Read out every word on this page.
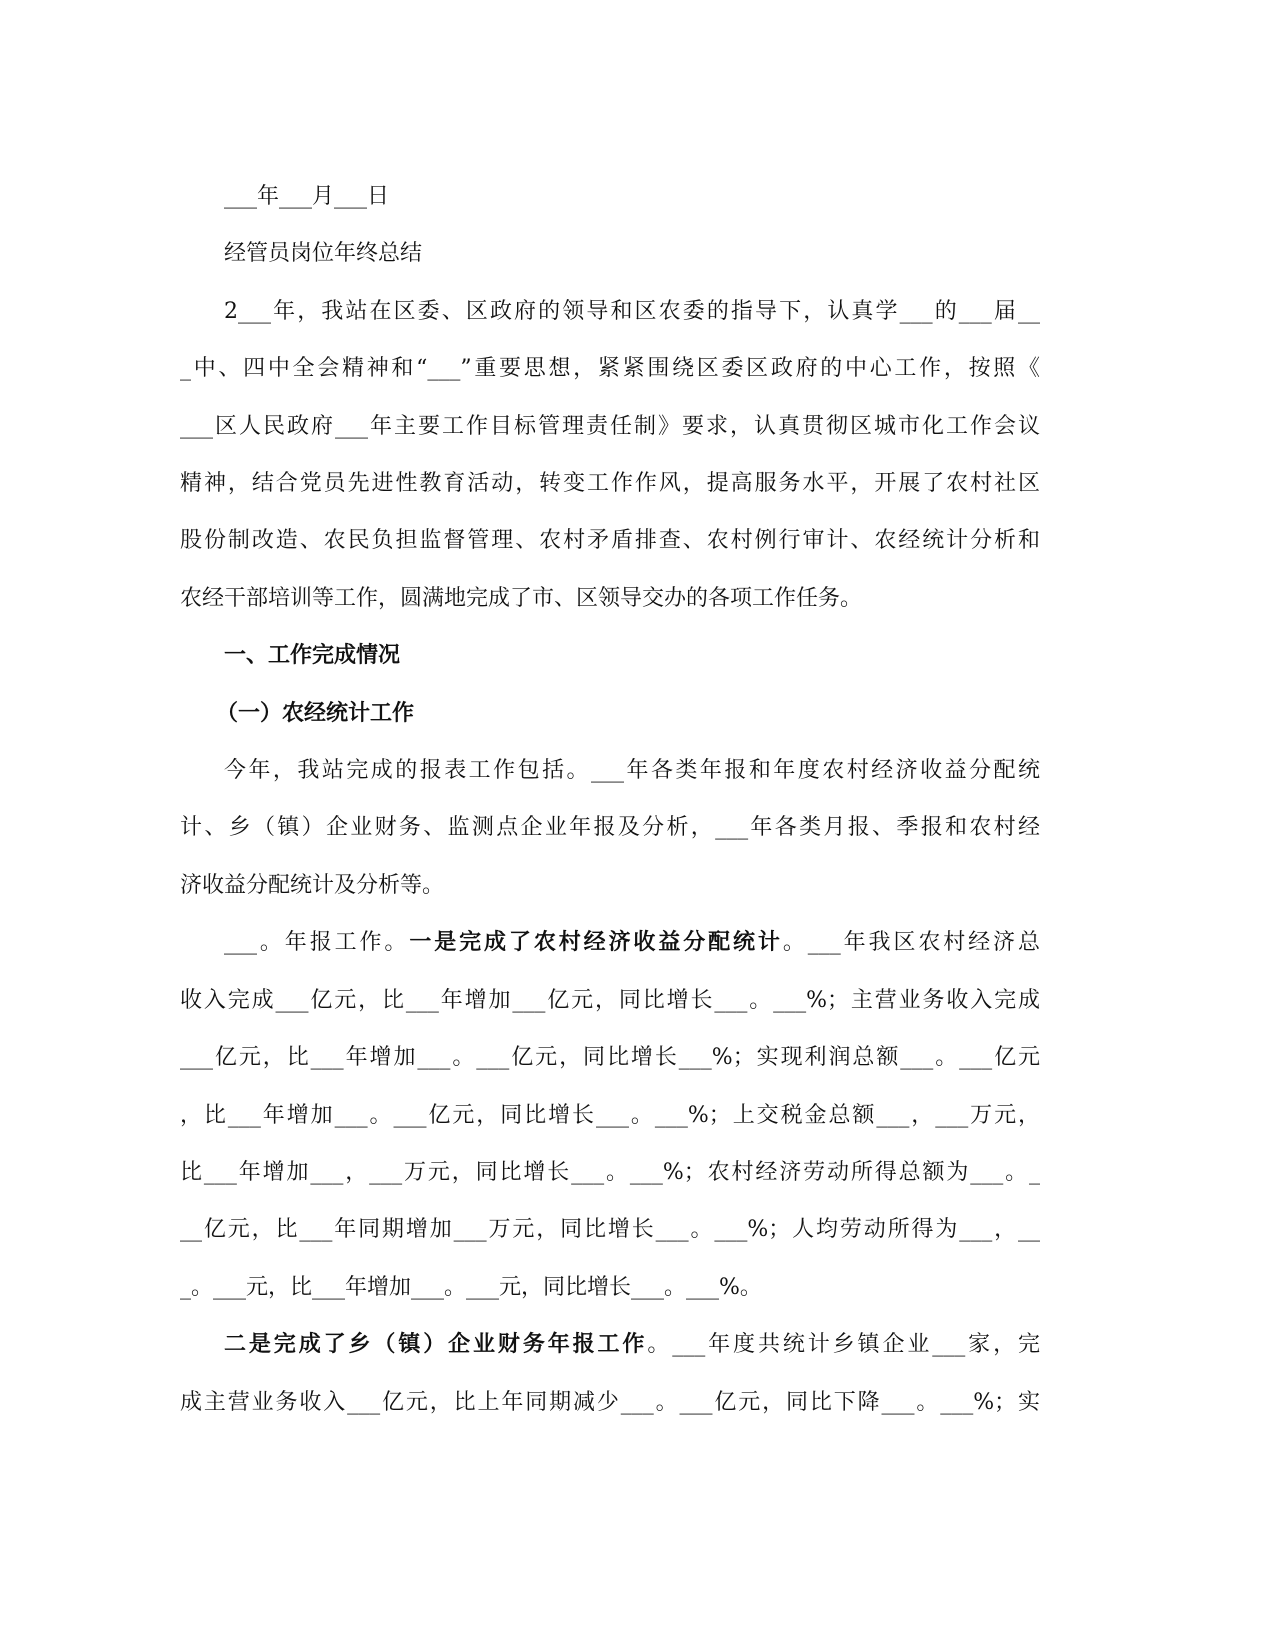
___年___月___日

经管员岗位年终总结

2___年，我站在区委、区政府的领导和区农委的指导下，认真学___的___届__
_中、四中全会精神和“___”重要思想，紧紧围绕区委区政府的中心工作，按照《
___区人民政府___年主要工作目标管理责任制》要求，认真贯彻区城市化工作会议
精神，结合党员先进性教育活动，转变工作作风，提高服务水平，开展了农村社区
股份制改造、农民负担监督管理、农村矛盾排查、农村例行审计、农经统计分析和
农经干部培训等工作，圆满地完成了市、区领导交办的各项工作任务。

一、工作完成情况

（一）农经统计工作

今年，我站完成的报表工作包括。___年各类年报和年度农村经济收益分配统
计、乡（镇）企业财务、监测点企业年报及分析，___年各类月报、季报和农村经
济收益分配统计及分析等。

___。年报工作。一是完成了农村经济收益分配统计。___年我区农村经济总
收入完成___亿元，比___年增加___亿元，同比增长___。___%；主营业务收入完成
___亿元，比___年增加___。___亿元，同比增长___%；实现利润总额___。___亿元
，比___年增加___。___亿元，同比增长___。___%；上交税金总额___，___万元，
比___年增加___，___万元，同比增长___。___%；农村经济劳动所得总额为___。_
__亿元，比___年同期增加___万元，同比增长___。___%；人均劳动所得为___，__
_。___元，比___年增加___。___元，同比增长___。___%。

二是完成了乡（镇）企业财务年报工作。___年度共统计乡镇企业___家，完
成主营业务收入___亿元，比上年同期减少___。___亿元，同比下降___。___%；实
